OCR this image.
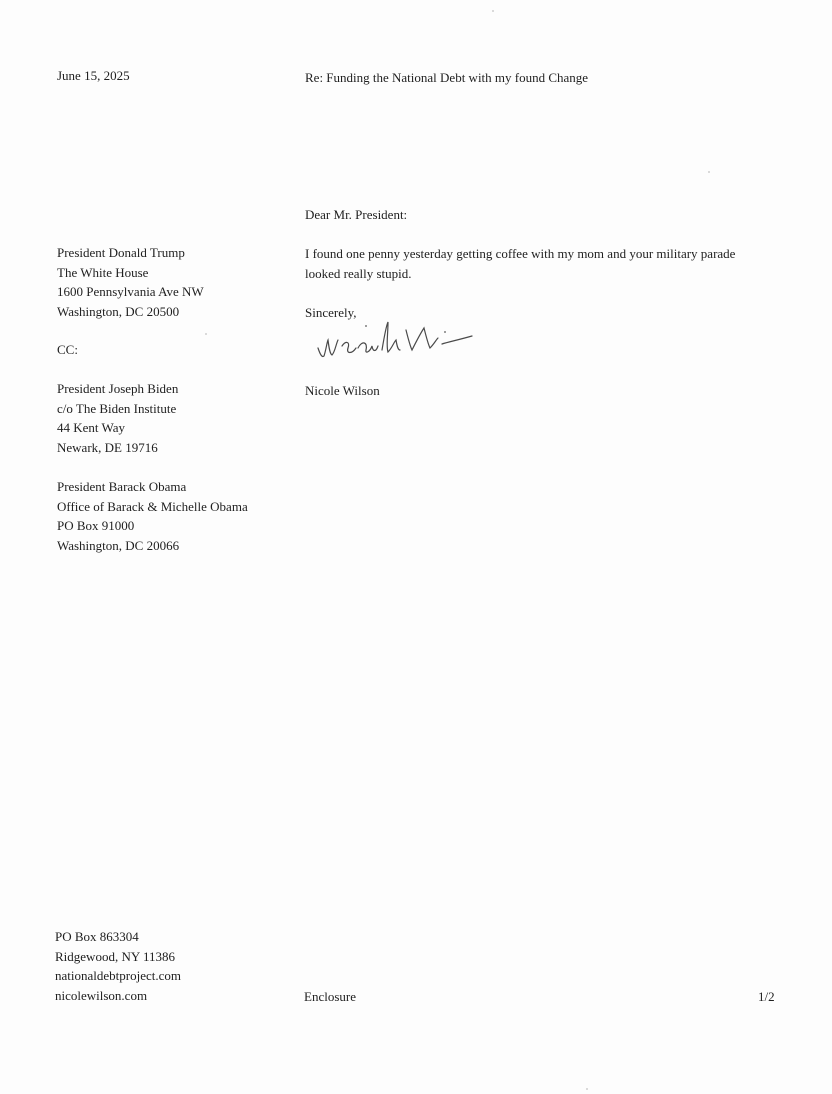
June 15, 2025	Re: Funding the National Debt with my found Change
Dear Mr. President:
President Donald Trump
The White House
1600 Pennsylvania Ave NW
Washington, DC 20500
CC:
President Joseph Biden
c/o The Biden Institute
44 Kent Way
Newark, DE 19716
President Barack Obama
Office of Barack & Michelle Obama
PO Box 91000
Washington, DC 20066
I found one penny yesterday getting coffee with my mom and your military parade
looked really stupid.
Sincerely,
Nicole Wilson
PO Box 863304
Ridgewood, NY 11386
nationaldebtproject.com
nicolewilson.com	Enclosure	1/2
